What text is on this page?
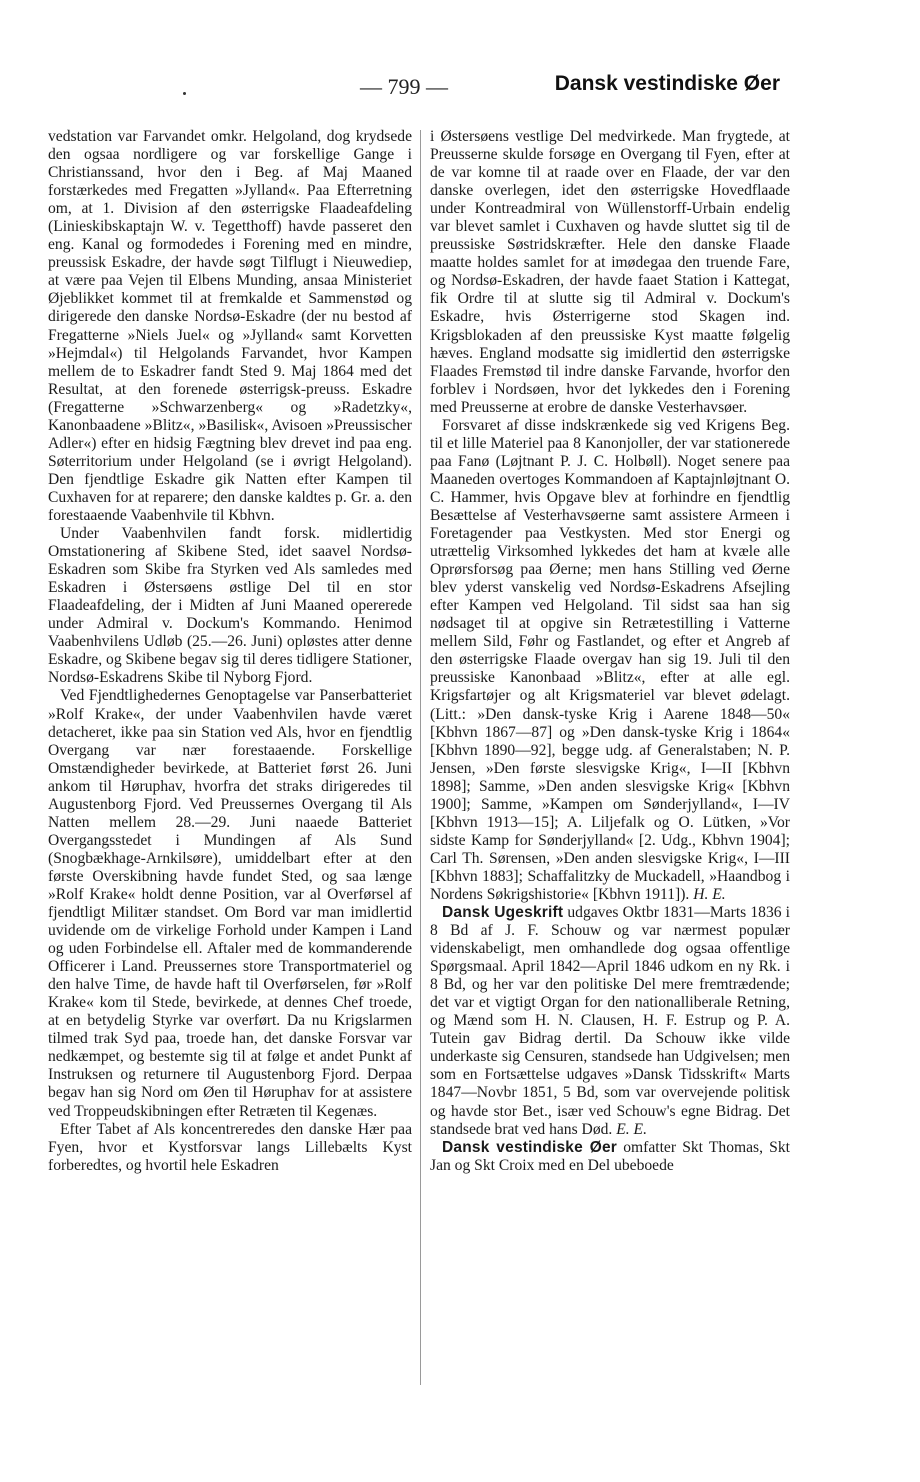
— 799 —	Dansk vestindiske Øer

vedstation var Farvandet omkr. Helgoland, dog krydsede den ogsaa nordligere og var forskellige Gange i Christianssand, hvor den i Beg. af Maj Maaned forstærkedes med Fregatten »Jylland«. Paa Efterretning om, at 1. Division af den østerrigske Flaadeafdeling (Linieskibskaptajn W. v. Tegetthoff) havde passeret den eng. Kanal og formodedes i Forening med en mindre, preussisk Eskadre, der havde søgt Tilflugt i Nieuwediep, at være paa Vejen til Elbens Munding, ansaa Ministeriet Øjeblikket kommet til at fremkalde et Sammenstød og dirigerede den danske Nordsø-Eskadre (der nu bestod af Fregatterne »Niels Juel« og »Jylland« samt Korvetten »Hejmdal«) til Helgolands Farvandet, hvor Kampen mellem de to Eskadrer fandt Sted 9. Maj 1864 med det Resultat, at den forenede østerrigsk-preuss. Eskadre (Fregatterne »Schwarzenberg« og »Radetzky«, Kanonbaadene »Blitz«, »Basilisk«, Avisoen »Preussischer Adler«) efter en hidsig Fægtning blev drevet ind paa eng. Søterritorium under Helgoland (se i øvrigt Helgoland). Den fjendtlige Eskadre gik Natten efter Kampen til Cuxhaven for at reparere; den danske kaldtes p. Gr. a. den forestaaende Vaabenhvile til Kbhvn.

Under Vaabenhvilen fandt forsk. midlertidig Omstationering af Skibene Sted, idet saavel Nordsø-Eskadren som Skibe fra Styrken ved Als samledes med Eskadren i Østersøens østlige Del til en stor Flaadeafdeling, der i Midten af Juni Maaned opererede under Admiral v. Dockum's Kommando. Henimod Vaabenhvilens Udløb (25.—26. Juni) opløstes atter denne Eskadre, og Skibene begav sig til deres tidligere Stationer, Nordsø-Eskadrens Skibe til Nyborg Fjord.

Ved Fjendtlighedernes Genoptagelse var Panserbatteriet »Rolf Krake«, der under Vaabenhvilen havde været detacheret, ikke paa sin Station ved Als, hvor en fjendtlig Overgang var nær forestaaende. Forskellige Omstændigheder bevirkede, at Batteriet først 26. Juni ankom til Høruphav, hvorfra det straks dirigeredes til Augustenborg Fjord. Ved Preussernes Overgang til Als Natten mellem 28.—29. Juni naaede Batteriet Overgangsstedet i Mundingen af Als Sund (Snogbækhage-Arnkilsøre), umiddelbart efter at den første Overskibning havde fundet Sted, og saa længe »Rolf Krake« holdt denne Position, var al Overførsel af fjendtligt Militær standset. Om Bord var man imidlertid uvidende om de virkelige Forhold under Kampen i Land og uden Forbindelse ell. Aftaler med de kommanderende Officerer i Land. Preussernes store Transportmateriel og den halve Time, de havde haft til Overførselen, før »Rolf Krake« kom til Stede, bevirkede, at dennes Chef troede, at en betydelig Styrke var overført. Da nu Krigslarmen tilmed trak Syd paa, troede han, det danske Forsvar var nedkæmpet, og bestemte sig til at følge et andet Punkt af Instruksen og returnere til Augustenborg Fjord. Derpaa begav han sig Nord om Øen til Høruphav for at assistere ved Troppeudskibningen efter Retræten til Kegenæs.

Efter Tabet af Als koncentreredes den danske Hær paa Fyen, hvor et Kystforsvar langs Lillebælts Kyst forberedtes, og hvortil hele Eskadren

i Østersøens vestlige Del medvirkede. Man frygtede, at Preusserne skulde forsøge en Overgang til Fyen, efter at de var komne til at raade over en Flaade, der var den danske overlegen, idet den østerrigske Hovedflaade under Kontreadmiral von Wüllenstorff-Urbain endelig var blevet samlet i Cuxhaven og havde sluttet sig til de preussiske Søstridskræfter. Hele den danske Flaade maatte holdes samlet for at imødegaa den truende Fare, og Nordsø-Eskadren, der havde faaet Station i Kattegat, fik Ordre til at slutte sig til Admiral v. Dockum's Eskadre, hvis Østerrigerne stod Skagen ind. Krigsblokaden af den preussiske Kyst maatte følgelig hæves. England modsatte sig imidlertid den østerrigske Flaades Fremstød til indre danske Farvande, hvorfor den forblev i Nordsøen, hvor det lykkedes den i Forening med Preusserne at erobre de danske Vesterhavsøer.

Forsvaret af disse indskrænkede sig ved Krigens Beg. til et lille Materiel paa 8 Kanonjoller, der var stationerede paa Fanø (Løjtnant P. J. C. Holbøll). Noget senere paa Maaneden overtoges Kommandoen af Kaptajnløjtnant O. C. Hammer, hvis Opgave blev at forhindre en fjendtlig Besættelse af Vesterhavsøerne samt assistere Armeen i Foretagender paa Vestkysten. Med stor Energi og utrættelig Virksomhed lykkedes det ham at kvæle alle Oprørsforsøg paa Øerne; men hans Stilling ved Øerne blev yderst vanskelig ved Nordsø-Eskadrens Afsejling efter Kampen ved Helgoland. Til sidst saa han sig nødsaget til at opgive sin Retrætestilling i Vatterne mellem Sild, Føhr og Fastlandet, og efter et Angreb af den østerrigske Flaade overgav han sig 19. Juli til den preussiske Kanonbaad »Blitz«, efter at alle egl. Krigsfartøjer og alt Krigsmateriel var blevet ødelagt. (Litt.: »Den dansk-tyske Krig i Aarene 1848—50« [Kbhvn 1867—87] og »Den dansk-tyske Krig i 1864« [Kbhvn 1890—92], begge udg. af Generalstaben; N. P. Jensen, »Den første slesvigske Krig«, I—II [Kbhvn 1898]; Samme, »Den anden slesvigske Krig« [Kbhvn 1900]; Samme, »Kampen om Sønderjylland«, I—IV [Kbhvn 1913—15]; A. Liljefalk og O. Lütken, »Vor sidste Kamp for Sønderjylland« [2. Udg., Kbhvn 1904]; Carl Th. Sørensen, »Den anden slesvigske Krig«, I—III [Kbhvn 1883]; Schaffalitzky de Muckadell, »Haandbog i Nordens Søkrigshistorie« [Kbhvn 1911]). H. E.

Dansk Ugeskrift udgaves Oktbr 1831—Marts 1836 i 8 Bd af J. F. Schouw og var nærmest populær videnskabeligt, men omhandlede dog ogsaa offentlige Spørgsmaal. April 1842—April 1846 udkom en ny Rk. i 8 Bd, og her var den politiske Del mere fremtrædende; det var et vigtigt Organ for den nationalliberale Retning, og Mænd som H. N. Clausen, H. F. Estrup og P. A. Tutein gav Bidrag dertil. Da Schouw ikke vilde underkaste sig Censuren, standsede han Udgivelsen; men som en Fortsættelse udgaves »Dansk Tidsskrift« Marts 1847—Novbr 1851, 5 Bd, som var overvejende politisk og havde stor Bet., især ved Schouw's egne Bidrag. Det standsede brat ved hans Død. E. E.

Dansk vestindiske Øer omfatter Skt Thomas, Skt Jan og Skt Croix med en Del ubeboede
